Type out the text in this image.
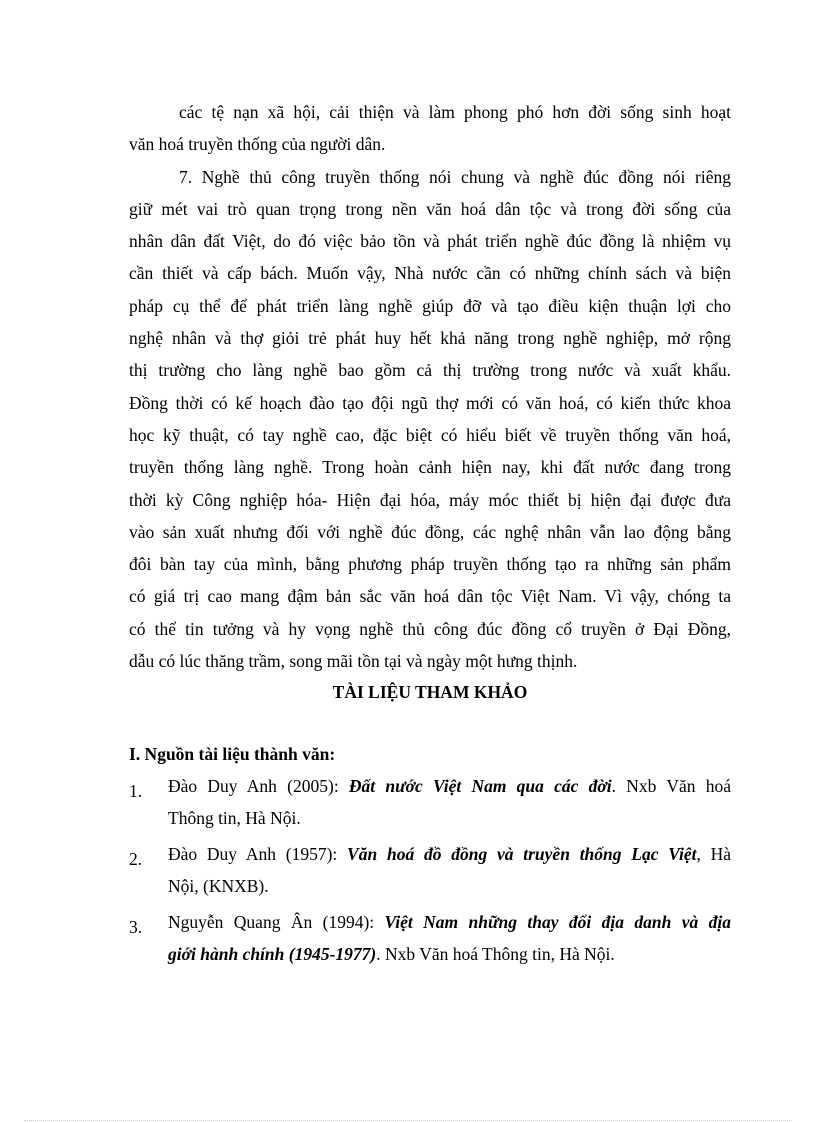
các tệ nạn xã hội, cải thiện và làm phong phó hơn đời sống sinh hoạt
văn hoá truyền thống của người dân.
7. Nghề thủ công truyền thống nói chung và nghề đúc đồng nói riêng
giữ mét vai trò quan trọng trong nền văn hoá dân tộc và trong đời sống của
nhân dân đất Việt, do đó việc bảo tồn và phát triển nghề đúc đồng là nhiệm vụ
cần thiết và cấp bách. Muốn vậy, Nhà nước cần có những chính sách và biện
pháp cụ thể để phát triển làng nghề giúp đỡ và tạo điều kiện thuận lợi cho
nghệ nhân và thợ giỏi trẻ phát huy hết khả năng trong nghề nghiệp, mở rộng
thị trường cho làng nghề bao gồm cả thị trường trong nước và xuất khẩu.
Đồng thời có kế hoạch đào tạo đội ngũ thợ mới có văn hoá, có kiến thức khoa
học kỹ thuật, có tay nghề cao, đặc biệt có hiểu biết về truyền thống văn hoá,
truyền thống làng nghề. Trong hoàn cảnh hiện nay, khi đất nước đang trong
thời kỳ Công nghiệp hóa- Hiện đại hóa, máy móc thiết bị hiện đại được đưa
vào sản xuất nhưng đối với nghề đúc đồng, các nghệ nhân vẫn lao động bằng
đôi bàn tay của mình, bằng phương pháp truyền thống tạo ra những sản phẩm
có giá trị cao mang đậm bản sắc văn hoá dân tộc Việt Nam. Vì vậy, chóng ta
có thể tin tưởng và hy vọng nghề thủ công đúc đồng cổ truyền ở Đại Đồng,
dẫu có lúc thăng trầm, song mãi tồn tại và ngày một hưng thịnh.
TÀI LIỆU THAM KHẢO
I. Nguồn tài liệu thành văn:
1. Đào Duy Anh (2005): Đất nước Việt Nam qua các đời. Nxb Văn hoá
Thông tin, Hà Nội.
2. Đào Duy Anh (1957): Văn hoá đồ đồng và truyền thống Lạc Việt, Hà
Nội, (KNXB).
3. Nguyễn Quang Ân (1994): Việt Nam những thay đổi địa danh và địa
giới hành chính (1945-1977). Nxb Văn hoá Thông tin, Hà Nội.
